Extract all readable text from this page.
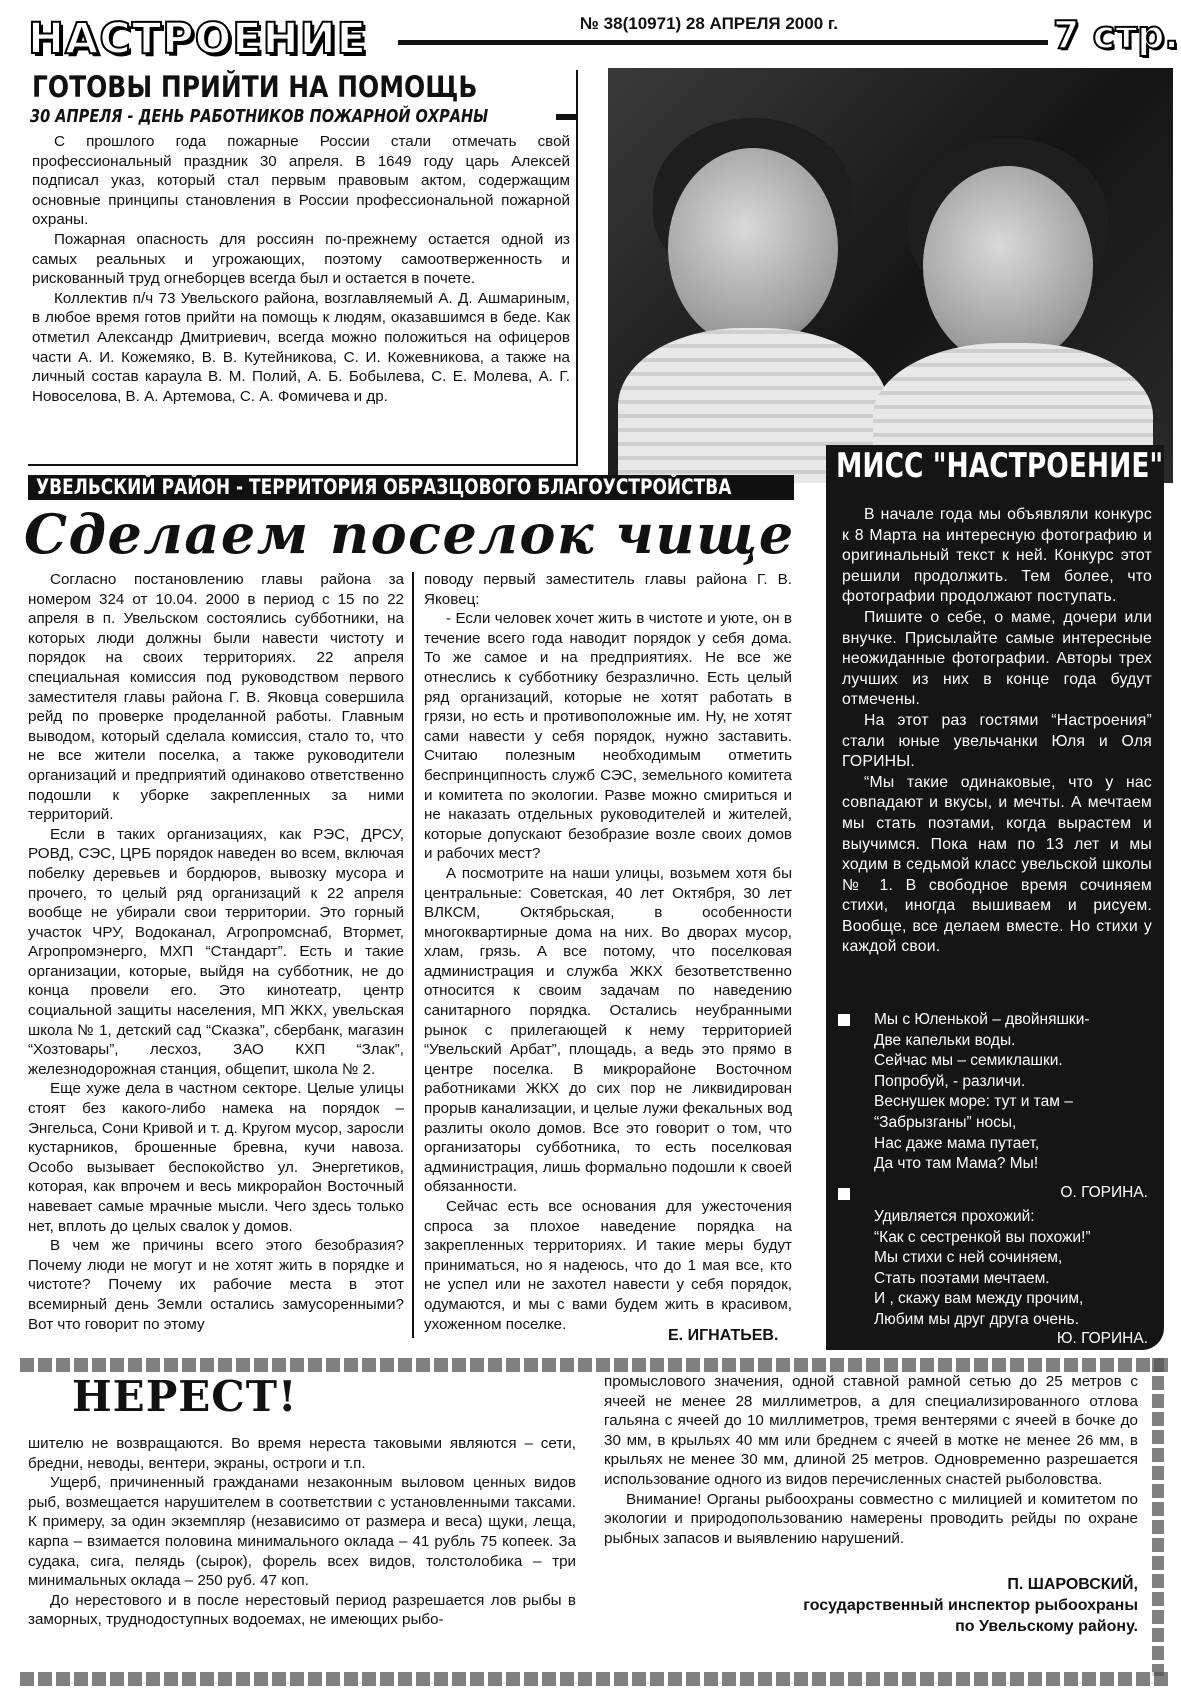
НАСТРОЕНИЕ	№ 38(10971) 28 АПРЕЛЯ 2000 г.	7 стр.
ГОТОВЫ ПРИЙТИ НА ПОМОЩЬ
30 АПРЕЛЯ - ДЕНЬ РАБОТНИКОВ ПОЖАРНОЙ ОХРАНЫ

С прошлого года пожарные России стали отмечать свой профессиональный праздник 30 апреля. В 1649 году царь Алексей подписал указ, который стал первым правовым актом, содержащим основные принципы становления в России профессиональной пожарной охраны.

Пожарная опасность для россиян по-прежнему остается одной из самых реальных и угрожающих, поэтому самоотверженность и рискованный труд огнеборцев всегда был и остается в почете.

Коллектив п/ч 73 Увельского района, возглавляемый А. Д. Ашмариным, в любое время готов прийти на помощь к людям, оказавшимся в беде. Как отметил Александр Дмитриевич, всегда можно положиться на офицеров части А. И. Кожемяко, В. В. Кутейникова, С. И. Кожевникова, а также на личный состав караула В. М. Полий, А. Б. Бобылева, С. Е. Молева, А. Г. Новоселова, В. А. Артемова, С. А. Фомичева и др.

МИСС "НАСТРОЕНИЕ"

В начале года мы объявляли конкурс к 8 Марта на интересную фотографию и оригинальный текст к ней. Конкурс этот решили продолжить. Тем более, что фотографии продолжают поступать.

Пишите о себе, о маме, дочери или внучке. Присылайте самые интересные неожиданные фотографии. Авторы трех лучших из них в конце года будут отмечены.

На этот раз гостями “Настроения” стали юные увельчанки Юля и Оля ГОРИНЫ.

“Мы такие одинаковые, что у нас совпадают и вкусы, и мечты. А мечтаем мы стать поэтами, когда вырастем и выучимся. Пока нам по 13 лет и мы ходим в седьмой класс увельской школы № 1. В свободное время сочиняем стихи, иногда вышиваем и рисуем. Вообще, все делаем вместе. Но стихи у каждой свои.

Мы с Юленькой – двойняшки-

Две капельки воды.

Сейчас мы – семиклашки.

Попробуй, - различи.

Веснушек море: тут и там –

“Забрызганы” носы,

Нас даже мама путает,

Да что там Мама? Мы!

О. ГОРИНА.

Удивляется прохожий:

“Как с сестренкой вы похожи!”

Мы стихи с ней сочиняем,

Стать поэтами мечтаем.

И , скажу вам между прочим,

Любим мы друг друга очень.

Ю. ГОРИНА.
УВЕЛЬСКИЙ РАЙОН - ТЕРРИТОРИЯ ОБРАЗЦОВОГО БЛАГОУСТРОЙСТВА
Сделаем поселок чище

Согласно постановлению главы района за номером 324 от 10.04. 2000 в период с 15 по 22 апреля в п. Увельском состоялись субботники, на которых люди должны были навести чистоту и порядок на своих территориях. 22 апреля специальная комиссия под руководством первого заместителя главы района Г. В. Яковца совершила рейд по проверке проделанной работы. Главным выводом, который сделала комиссия, стало то, что не все жители поселка, а также руководители организаций и предприятий одинаково ответственно подошли к уборке закрепленных за ними территорий.

Если в таких организациях, как РЭС, ДРСУ, РОВД, СЭС, ЦРБ порядок наведен во всем, включая побелку деревьев и бордюров, вывозку мусора и прочего, то целый ряд организаций к 22 апреля вообще не убирали свои территории. Это горный участок ЧРУ, Водоканал, Агропромснаб, Втормет, Агропромэнерго, МХП “Стандарт”. Есть и такие организации, которые, выйдя на субботник, не до конца провели его. Это кинотеатр, центр социальной защиты населения, МП ЖКХ, увельская школа № 1, детский сад “Сказка”, сбербанк, магазин “Хозтовары”, лесхоз, ЗАО КХП “Злак”, железнодорожная станция, общепит, школа № 2.

Еще хуже дела в частном секторе. Целые улицы стоят без какого-либо намека на порядок – Энгельса, Сони Кривой и т. д. Кругом мусор, заросли кустарников, брошенные бревна, кучи навоза. Особо вызывает беспокойство ул. Энергетиков, которая, как впрочем и весь микрорайон Восточный навевает самые мрачные мысли. Чего здесь только нет, вплоть до целых свалок у домов.

В чем же причины всего этого безобразия? Почему люди не могут и не хотят жить в порядке и чистоте? Почему их рабочие места в этот всемирный день Земли остались замусоренными? Вот что говорит по этому

поводу первый заместитель главы района Г. В. Яковец:

- Если человек хочет жить в чистоте и уюте, он в течение всего года наводит порядок у себя дома. То же самое и на предприятиях. Не все же отнеслись к субботнику безразлично. Есть целый ряд организаций, которые не хотят работать в грязи, но есть и противоположные им. Ну, не хотят сами навести у себя порядок, нужно заставить. Считаю полезным необходимым отметить беспринципность служб СЭС, земельного комитета и комитета по экологии. Разве можно смириться и не наказать отдельных руководителей и жителей, которые допускают безобразие возле своих домов и рабочих мест?

А посмотрите на наши улицы, возьмем хотя бы центральные: Советская, 40 лет Октября, 30 лет ВЛКСМ, Октябрьская, в особенности многоквартирные дома на них. Во дворах мусор, хлам, грязь. А все потому, что поселковая администрация и служба ЖКХ безответственно относится к своим задачам по наведению санитарного порядка. Остались неубранными рынок с прилегающей к нему территорией “Увельский Арбат”, площадь, а ведь это прямо в центре поселка. В микрорайоне Восточном работниками ЖКХ до сих пор не ликвидирован прорыв канализации, и целые лужи фекальных вод разлиты около домов. Все это говорит о том, что организаторы субботника, то есть поселковая администрация, лишь формально подошли к своей обязанности.

Сейчас есть все основания для ужесточения спроса за плохое наведение порядка на закрепленных территориях. И такие меры будут приниматься, но я надеюсь, что до 1 мая все, кто не успел или не захотел навести у себя порядок, одумаются, и мы с вами будем жить в красивом, ухоженном поселке.

Е. ИГНАТЬЕВ.
НЕРЕСТ!

шителю не возвращаются. Во время нереста таковыми являются – сети, бредни, неводы, вентери, экраны, остроги и т.п.

Ущерб, причиненный гражданами незаконным выловом ценных видов рыб, возмещается нарушителем в соответствии с установленными таксами. К примеру, за один экземпляр (независимо от размера и веса) щуки, леща, карпа – взимается половина минимального оклада – 41 рубль 75 копеек. За судака, сига, пелядь (сырок), форель всех видов, толстолобика – три минимальных оклада – 250 руб. 47 коп.

До нерестового и в после нерестовый период разрешается лов рыбы в заморных, труднодоступных водоемах, не имеющих рыбо-

промыслового значения, одной ставной рамной сетью до 25 метров с ячеей не менее 28 миллиметров, а для специализированного отлова гальяна с ячеей до 10 миллиметров, тремя вентерями с ячеей в бочке до 30 мм, в крыльях 40 мм или бреднем с ячеей в мотке не менее 26 мм, в крыльях не менее 30 мм, длиной 25 метров. Одновременно разрешается использование одного из видов перечисленных снастей рыболовства.

Внимание! Органы рыбоохраны совместно с милицией и комитетом по экологии и природопользованию намерены проводить рейды по охране рыбных запасов и выявлению нарушений.

П. ШАРОВСКИЙ,
государственный инспектор рыбоохраны
по Увельскому району.
